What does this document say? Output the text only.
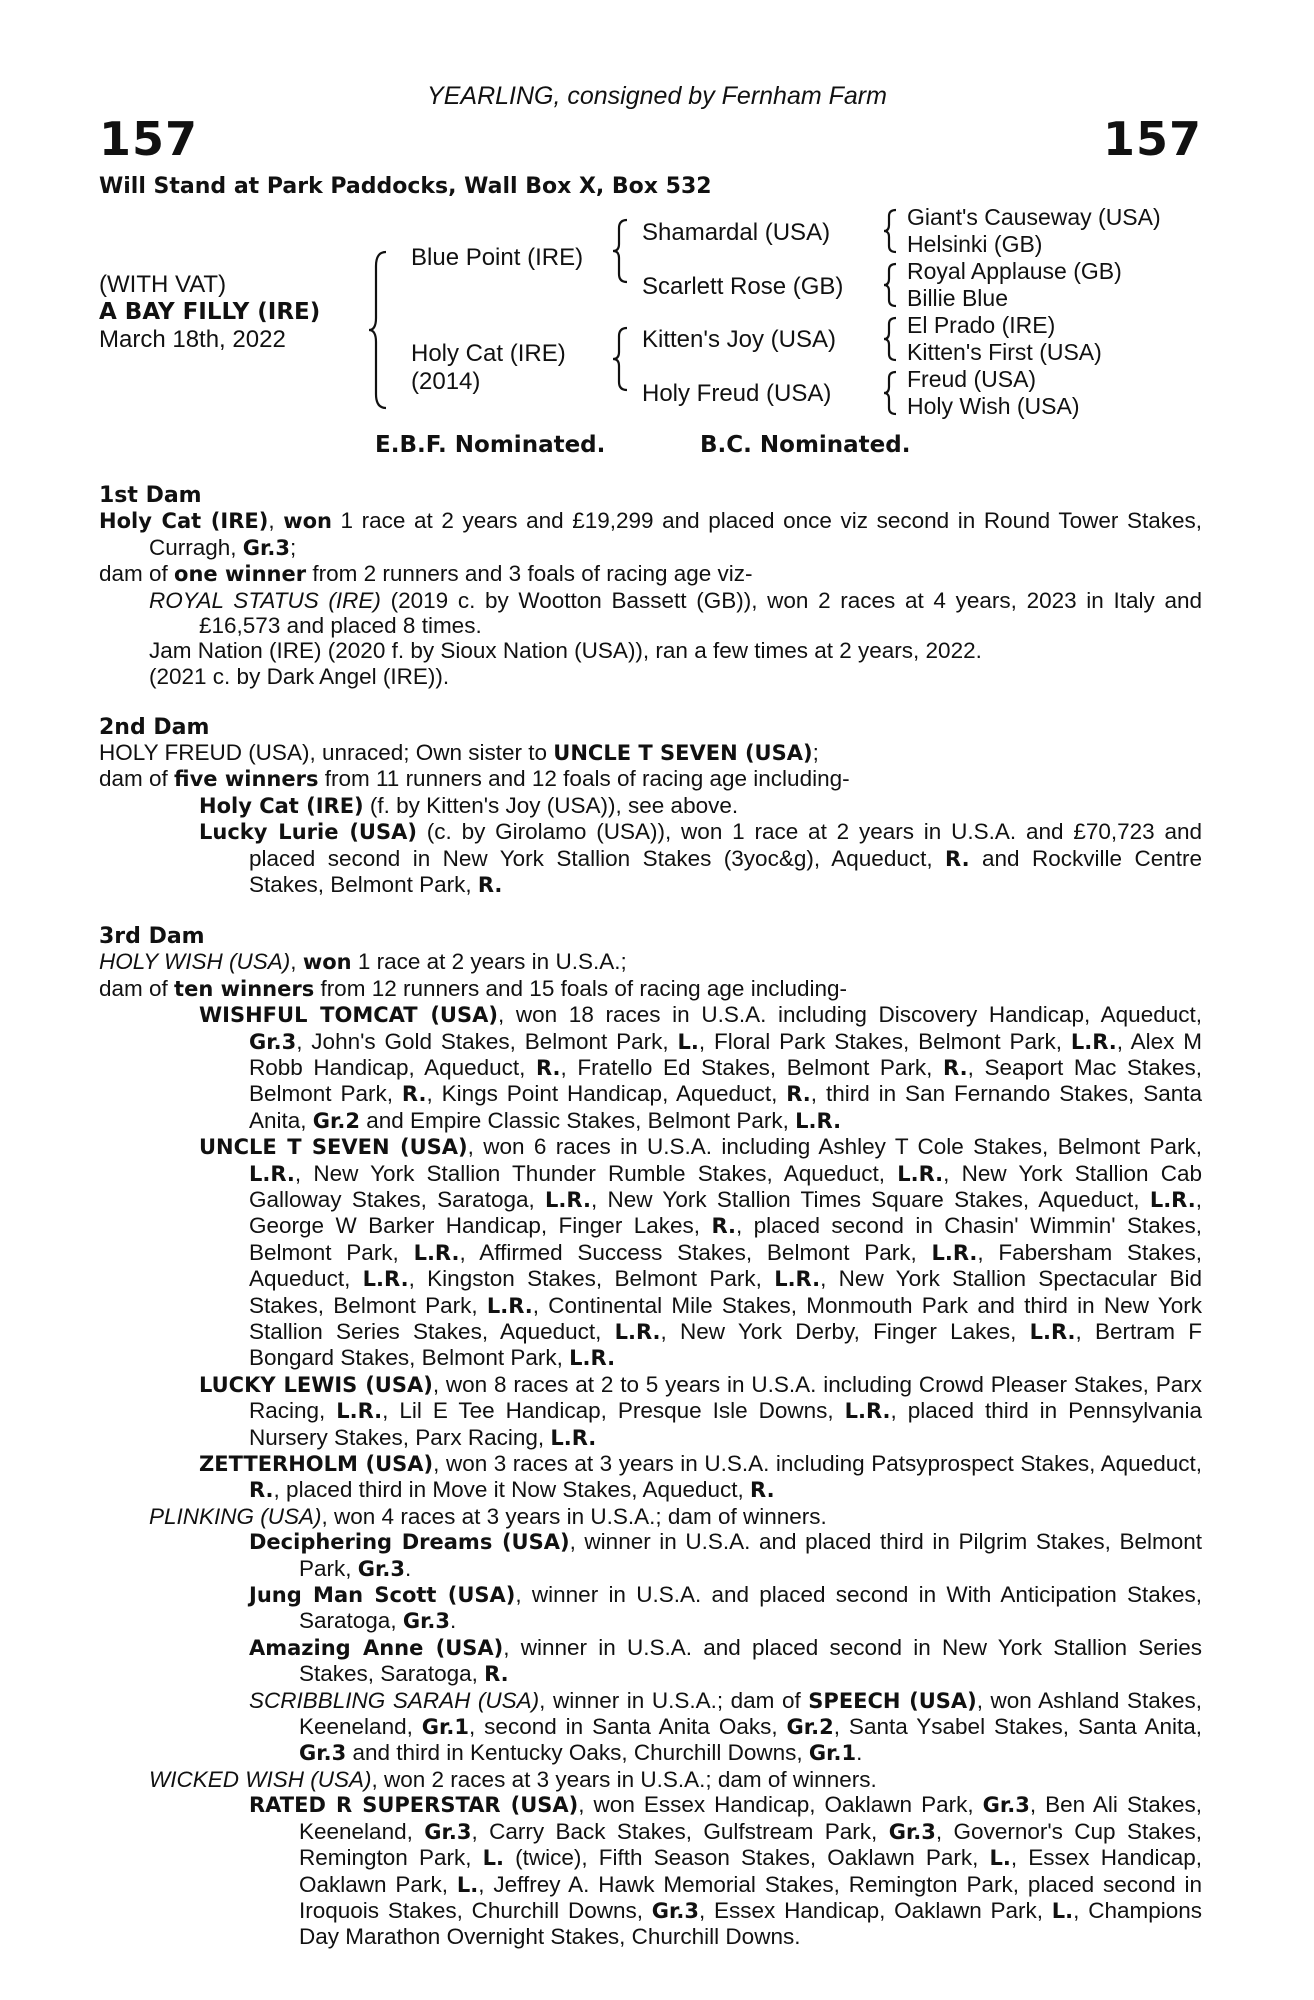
YEARLING, consigned by Fernham Farm
157	157
Will Stand at Park Paddocks, Wall Box X, Box 532
(WITH VAT)
A BAY FILLY (IRE)
March 18th, 2022
Blue Point (IRE)
Holy Cat (IRE)
(2014)
Shamardal (USA)
Scarlett Rose (GB)
Kitten's Joy (USA)
Holy Freud (USA)
Giant's Causeway (USA)
Helsinki (GB)
Royal Applause (GB)
Billie Blue
El Prado (IRE)
Kitten's First (USA)
Freud (USA)
Holy Wish (USA)
E.B.F. Nominated.	B.C. Nominated.

1st Dam

Holy Cat (IRE), won 1 race at 2 years and £19,299 and placed once viz second in Round Tower Stakes, Curragh, Gr.3;

dam of one winner from 2 runners and 3 foals of racing age viz-

ROYAL STATUS (IRE) (2019 c. by Wootton Bassett (GB)), won 2 races at 4 years, 2023 in Italy and £16,573 and placed 8 times.

Jam Nation (IRE) (2020 f. by Sioux Nation (USA)), ran a few times at 2 years, 2022.

(2021 c. by Dark Angel (IRE)).

2nd Dam

HOLY FREUD (USA), unraced; Own sister to UNCLE T SEVEN (USA);

dam of five winners from 11 runners and 12 foals of racing age including-

Holy Cat (IRE) (f. by Kitten's Joy (USA)), see above.

Lucky Lurie (USA) (c. by Girolamo (USA)), won 1 race at 2 years in U.S.A. and £70,723 and placed second in New York Stallion Stakes (3yoc&g), Aqueduct, R. and Rockville Centre Stakes, Belmont Park, R.

3rd Dam

HOLY WISH (USA), won 1 race at 2 years in U.S.A.;

dam of ten winners from 12 runners and 15 foals of racing age including-

WISHFUL TOMCAT (USA), won 18 races in U.S.A. including Discovery Handicap, Aqueduct, Gr.3, John's Gold Stakes, Belmont Park, L., Floral Park Stakes, Belmont Park, L.R., Alex M Robb Handicap, Aqueduct, R., Fratello Ed Stakes, Belmont Park, R., Seaport Mac Stakes, Belmont Park, R., Kings Point Handicap, Aqueduct, R., third in San Fernando Stakes, Santa Anita, Gr.2 and Empire Classic Stakes, Belmont Park, L.R.

UNCLE T SEVEN (USA), won 6 races in U.S.A. including Ashley T Cole Stakes, Belmont Park, L.R., New York Stallion Thunder Rumble Stakes, Aqueduct, L.R., New York Stallion Cab Galloway Stakes, Saratoga, L.R., New York Stallion Times Square Stakes, Aqueduct, L.R., George W Barker Handicap, Finger Lakes, R., placed second in Chasin' Wimmin' Stakes, Belmont Park, L.R., Affirmed Success Stakes, Belmont Park, L.R., Fabersham Stakes, Aqueduct, L.R., Kingston Stakes, Belmont Park, L.R., New York Stallion Spectacular Bid Stakes, Belmont Park, L.R., Continental Mile Stakes, Monmouth Park and third in New York Stallion Series Stakes, Aqueduct, L.R., New York Derby, Finger Lakes, L.R., Bertram F Bongard Stakes, Belmont Park, L.R.

LUCKY LEWIS (USA), won 8 races at 2 to 5 years in U.S.A. including Crowd Pleaser Stakes, Parx Racing, L.R., Lil E Tee Handicap, Presque Isle Downs, L.R., placed third in Pennsylvania Nursery Stakes, Parx Racing, L.R.

ZETTERHOLM (USA), won 3 races at 3 years in U.S.A. including Patsyprospect Stakes, Aqueduct, R., placed third in Move it Now Stakes, Aqueduct, R.

PLINKING (USA), won 4 races at 3 years in U.S.A.; dam of winners.

Deciphering Dreams (USA), winner in U.S.A. and placed third in Pilgrim Stakes, Belmont Park, Gr.3.

Jung Man Scott (USA), winner in U.S.A. and placed second in With Anticipation Stakes, Saratoga, Gr.3.

Amazing Anne (USA), winner in U.S.A. and placed second in New York Stallion Series Stakes, Saratoga, R.

SCRIBBLING SARAH (USA), winner in U.S.A.; dam of SPEECH (USA), won Ashland Stakes, Keeneland, Gr.1, second in Santa Anita Oaks, Gr.2, Santa Ysabel Stakes, Santa Anita, Gr.3 and third in Kentucky Oaks, Churchill Downs, Gr.1.

WICKED WISH (USA), won 2 races at 3 years in U.S.A.; dam of winners.

RATED R SUPERSTAR (USA), won Essex Handicap, Oaklawn Park, Gr.3, Ben Ali Stakes, Keeneland, Gr.3, Carry Back Stakes, Gulfstream Park, Gr.3, Governor's Cup Stakes, Remington Park, L. (twice), Fifth Season Stakes, Oaklawn Park, L., Essex Handicap, Oaklawn Park, L., Jeffrey A. Hawk Memorial Stakes, Remington Park, placed second in Iroquois Stakes, Churchill Downs, Gr.3, Essex Handicap, Oaklawn Park, L., Champions Day Marathon Overnight Stakes, Churchill Downs.
